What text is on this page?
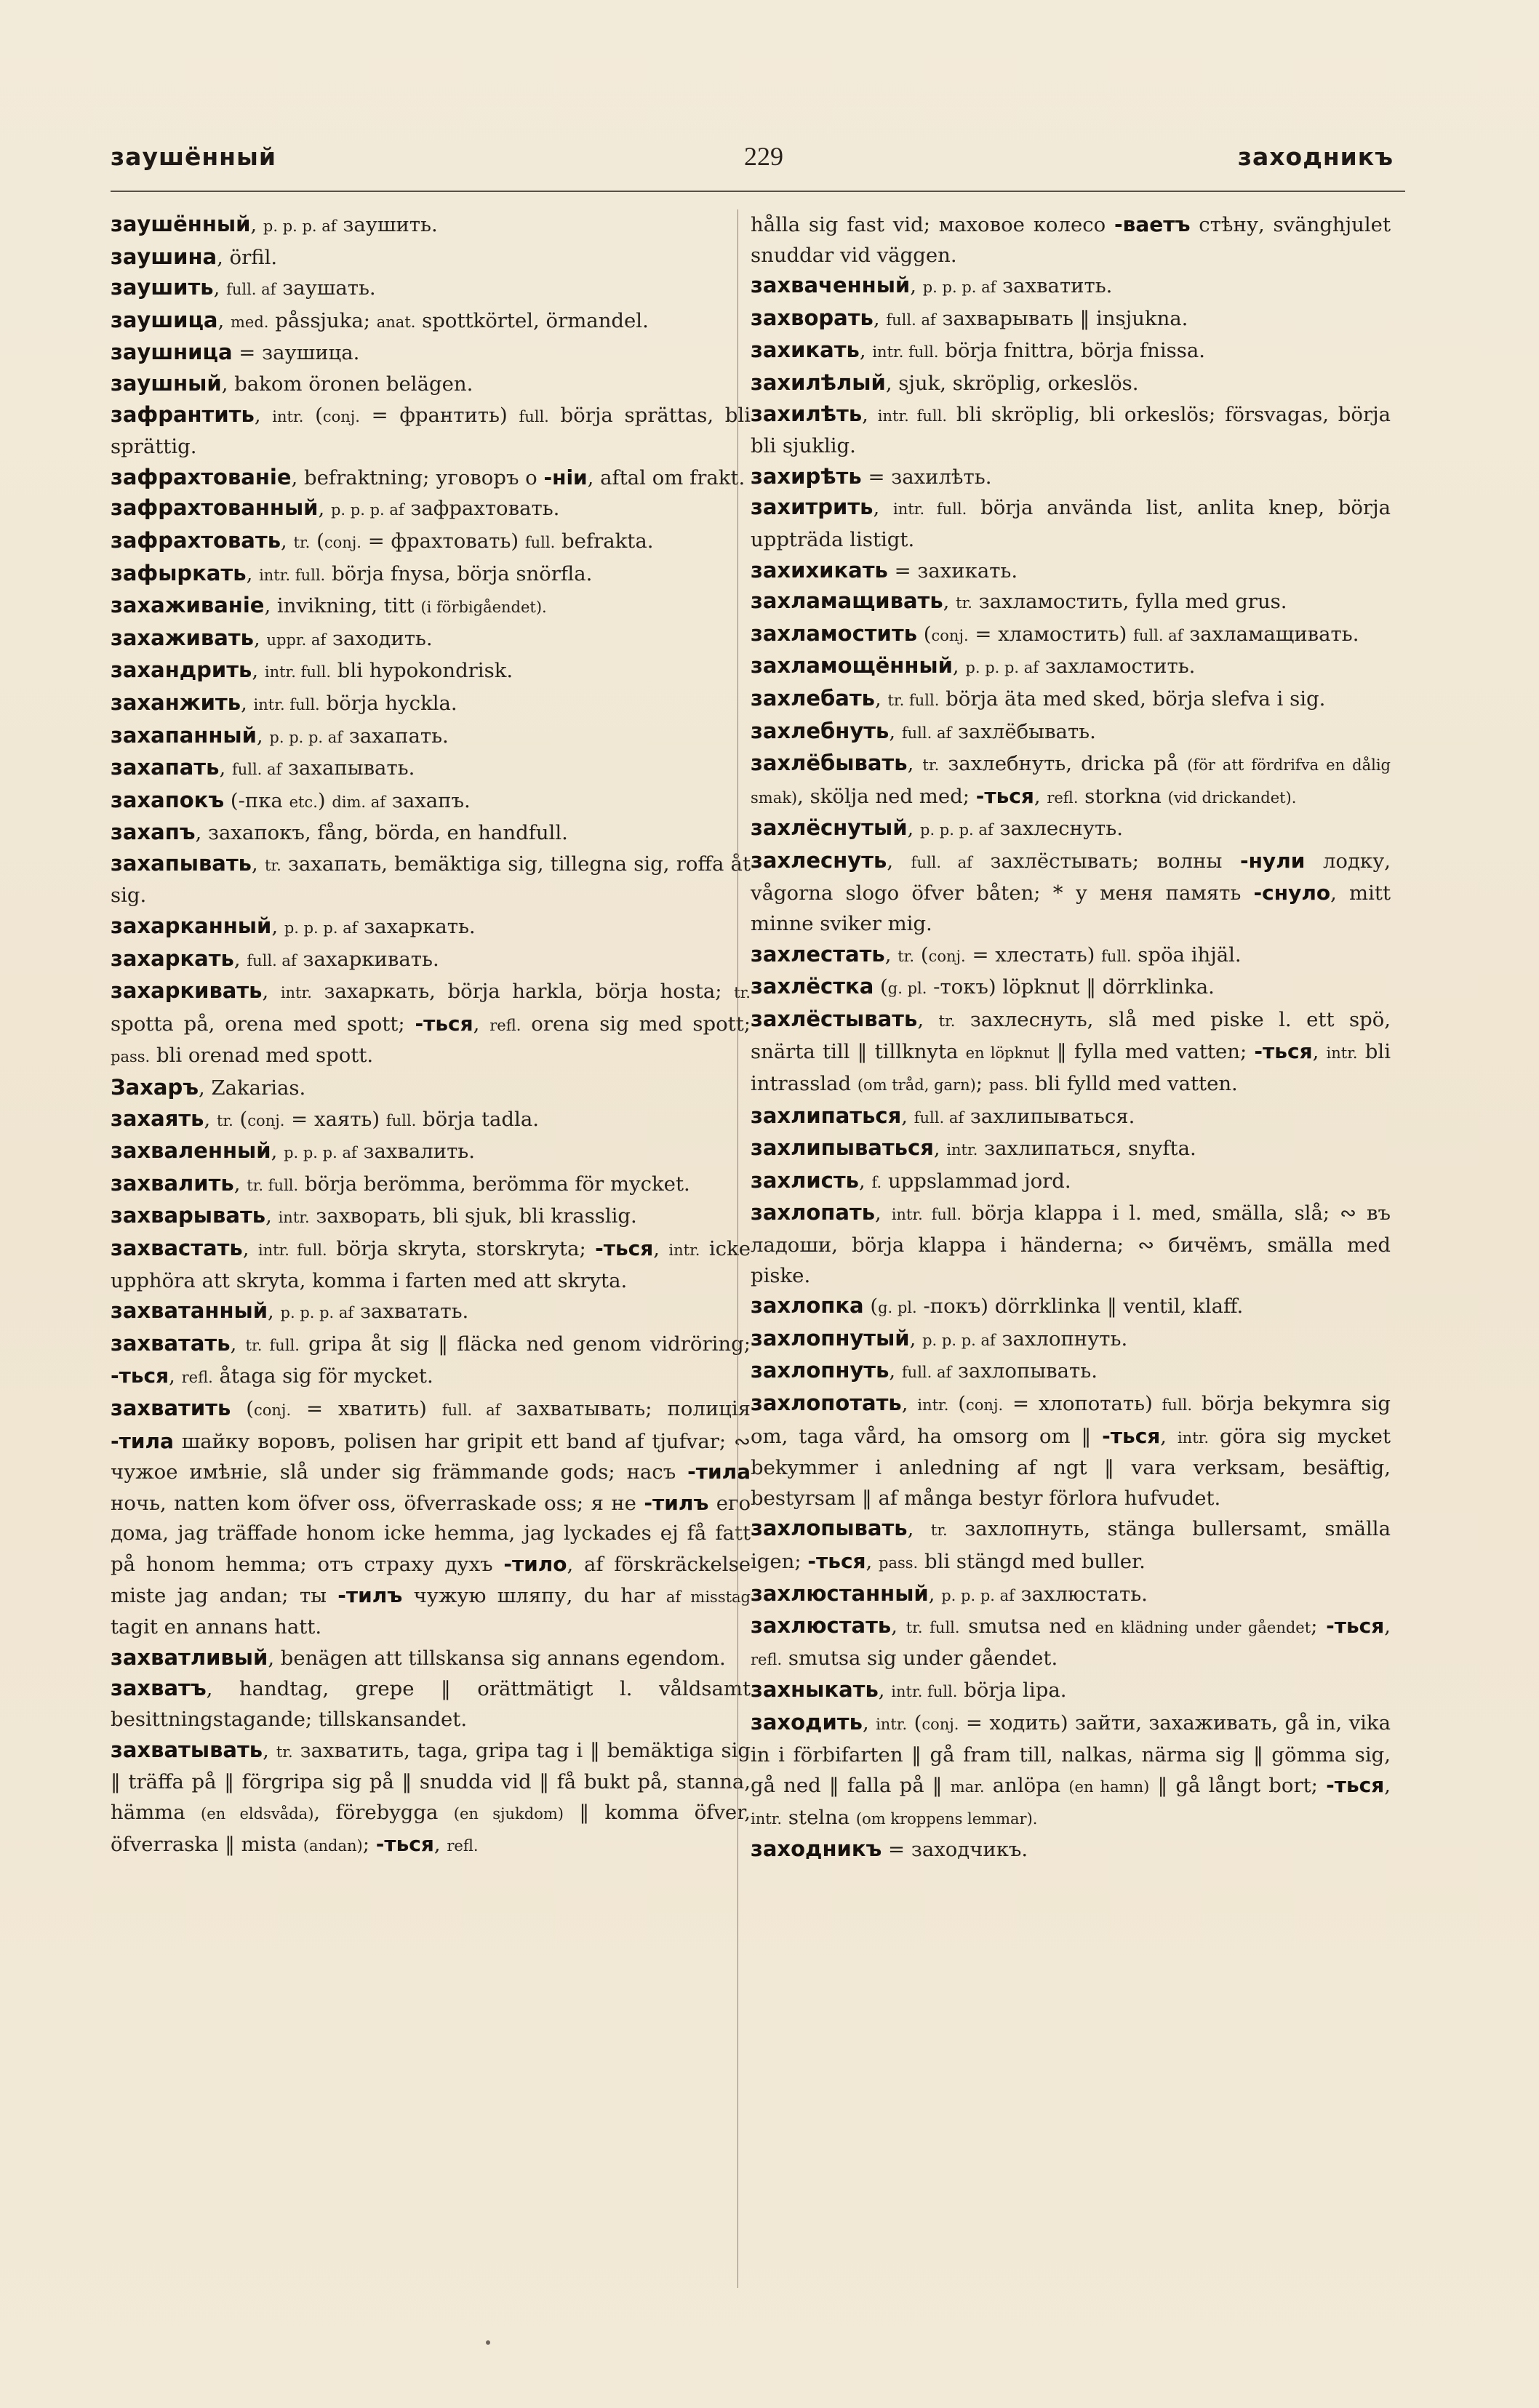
заушённый	229	заходникъ
заушённый, p. p. p. af заушить.
заушина, örfil.
заушить, full. af заушать.
заушица, med. påssjuka; anat. spottkörtel, örmandel.
заушница = заушица.
заушный, bakom öronen belägen.
зафрантить, intr. (conj. = франтить) full. börja sprättas, bli sprättig.
зафрахтованіе, befraktning; уговоръ о -ніи, aftal om frakt.
зафрахтованный, p. p. p. af зафрахтовать.
зафрахтовать, tr. (conj. = фрахтовать) full. befrakta.
зафыркать, intr. full. börja fnysa, börja snörfla.
захаживаніе, invikning, titt (i förbigåendet).
захаживать, uppr. af заходить.
захандрить, intr. full. bli hypokondrisk.
заханжить, intr. full. börja hyckla.
захапанный, p. p. p. af захапать.
захапать, full. af захапывать.
захапокъ (-пка etc.) dim. af захапъ.
захапъ, захапокъ, fång, börda, en handfull.
захапывать, tr. захапать, bemäktiga sig, tillegna sig, roffa åt sig.
захарканный, p. p. p. af захаркать.
захаркать, full. af захаркивать.
захаркивать, intr. захаркать, börja harkla, börja hosta; tr. spotta på, orena med spott; -ться, refl. orena sig med spott; pass. bli orenad med spott.
Захаръ, Zakarias.
захаять, tr. (conj. = хаять) full. börja tadla.
захваленный, p. p. p. af захвалить.
захвалить, tr. full. börja berömma, berömma för mycket.
захварывать, intr. захворать, bli sjuk, bli krasslig.
захвастать, intr. full. börja skryta, storskryta; -ться, intr. icke upphöra att skryta, komma i farten med att skryta.
захватанный, p. p. p. af захватать.
захватать, tr. full. gripa åt sig ‖ fläcka ned genom vidröring; -ться, refl. åtaga sig för mycket.
захватить (conj. = хватить) full. af захватывать; полиція -тила шайку воровъ, polisen har gripit ett band af tjufvar; ∾ чужое имѣніе, slå under sig främmande gods; насъ -тила ночь, natten kom öfver oss, öfverraskade oss; я не -тилъ его дома, jag träffade honom icke hemma, jag lyckades ej få fatt på honom hemma; отъ страху духъ -тило, af förskräckelse miste jag andan; ты -тилъ чужую шляпу, du har af misstag tagit en annans hatt.
захватливый, benägen att tillskansa sig annans egendom.
захватъ, handtag, grepe ‖ orättmätigt l. våldsamt besittningstagande; tillskansandet.
захватывать, tr. захватить, taga, gripa tag i ‖ bemäktiga sig ‖ träffa på ‖ förgripa sig på ‖ snudda vid ‖ få bukt på, stanna, hämma (en eldsvåda), förebygga (en sjukdom) ‖ komma öfver, öfverraska ‖ mista (andan); -ться, refl.
hålla sig fast vid; маховое колесо -ваетъ стѣну, svänghjulet snuddar vid väggen.
захваченный, p. p. p. af захватить.
захворать, full. af захварывать ‖ insjukna.
захикать, intr. full. börja fnittra, börja fnissa.
захилѣлый, sjuk, skröplig, orkeslös.
захилѣть, intr. full. bli skröplig, bli orkeslös; försvagas, börja bli sjuklig.
захирѣть = захилѣть.
захитрить, intr. full. börja använda list, anlita knep, börja uppträda listigt.
захихикать = захикать.
захламащивать, tr. захламостить, fylla med grus.
захламостить (conj. = хламостить) full. af захламащивать.
захламощённый, p. p. p. af захламостить.
захлебать, tr. full. börja äta med sked, börja slefva i sig.
захлебнуть, full. af захлёбывать.
захлёбывать, tr. захлебнуть, dricka på (för att fördrifva en dålig smak), skölja ned med; -ться, refl. storkna (vid drickandet).
захлёснутый, p. p. p. af захлеснуть.
захлеснуть, full. af захлёстывать; волны -нули лодку, vågorna slogo öfver båten; * у меня память -снуло, mitt minne sviker mig.
захлестать, tr. (conj. = хлестать) full. spöa ihjäl.
захлёстка (g. pl. -токъ) löpknut ‖ dörrklinka.
захлёстывать, tr. захлеснуть, slå med piske l. ett spö, snärta till ‖ tillknyta en löpknut ‖ fylla med vatten; -ться, intr. bli intrasslad (om tråd, garn); pass. bli fylld med vatten.
захлипаться, full. af захлипываться.
захлипываться, intr. захлипаться, snyfta.
захлисть, f. uppslammad jord.
захлопать, intr. full. börja klappa i l. med, smälla, slå; ∾ въ ладоши, börja klappa i händerna; ∾ бичёмъ, smälla med piske.
захлопка (g. pl. -покъ) dörrklinka ‖ ventil, klaff.
захлопнутый, p. p. p. af захлопнуть.
захлопнуть, full. af захлопывать.
захлопотать, intr. (conj. = хлопотать) full. börja bekymra sig om, taga vård, ha omsorg om ‖ -ться, intr. göra sig mycket bekymmer i anledning af ngt ‖ vara verksam, besäftig, bestyrsam ‖ af många bestyr förlora hufvudet.
захлопывать, tr. захлопнуть, stänga bullersamt, smälla igen; -ться, pass. bli stängd med buller.
захлюстанный, p. p. p. af захлюстать.
захлюстать, tr. full. smutsa ned en klädning under gåendet; -ться, refl. smutsa sig under gåendet.
захныкать, intr. full. börja lipa.
заходить, intr. (conj. = ходить) зайти, захаживать, gå in, vika in i förbifarten ‖ gå fram till, nalkas, närma sig ‖ gömma sig, gå ned ‖ falla på ‖ mar. anlöpa (en hamn) ‖ gå långt bort; -ться, intr. stelna (om kroppens lemmar).
заходникъ = заходчикъ.
